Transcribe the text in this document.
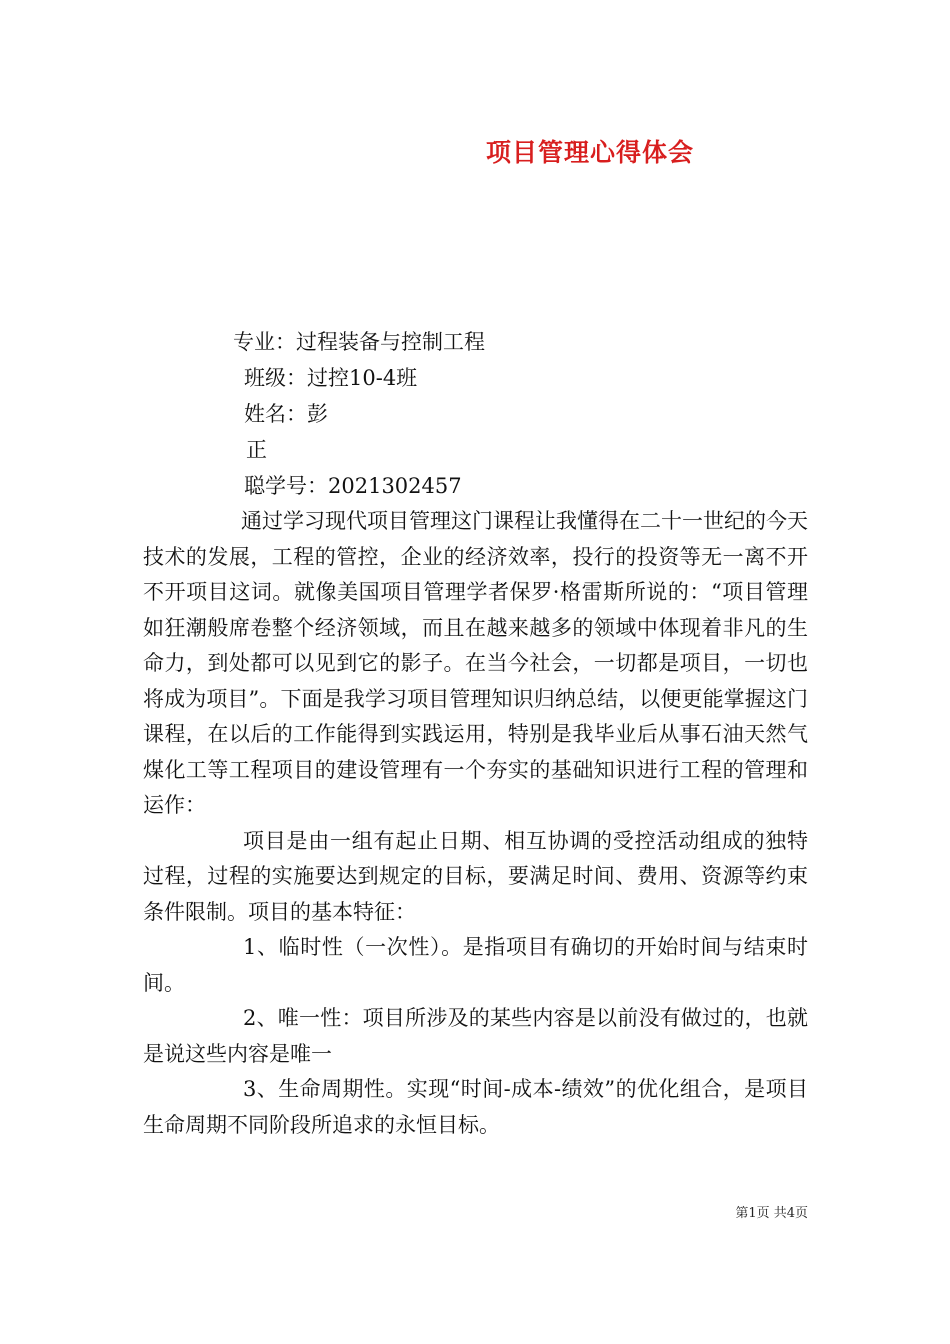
项目管理心得体会
专业：过程装备与控制工程
班级：过控10-4班
姓名：彭
正
聪学号：2021302457

通过学习现代项目管理这门课程让我懂得在二十一世纪的今天技术的发展，工程的管控，企业的经济效率，投行的投资等无一离不开不开项目这词。就像美国项目管理学者保罗·格雷斯所说的：“项目管理如狂潮般席卷整个经济领域，而且在越来越多的领域中体现着非凡的生命力，到处都可以见到它的影子。在当今社会，一切都是项目，一切也将成为项目”。下面是我学习项目管理知识归纳总结，以便更能掌握这门课程，在以后的工作能得到实践运用，特别是我毕业后从事石油天然气煤化工等工程项目的建设管理有一个夯实的基础知识进行工程的管理和运作：

项目是由一组有起止日期、相互协调的受控活动组成的独特过程，过程的实施要达到规定的目标，要满足时间、费用、资源等约束条件限制。项目的基本特征：

1、临时性（一次性）。是指项目有确切的开始时间与结束时间。

2、唯一性：项目所涉及的某些内容是以前没有做过的，也就是说这些内容是唯一

3、生命周期性。实现“时间-成本-绩效”的优化组合，是项目生命周期不同阶段所追求的永恒目标。

第1页 共4页
